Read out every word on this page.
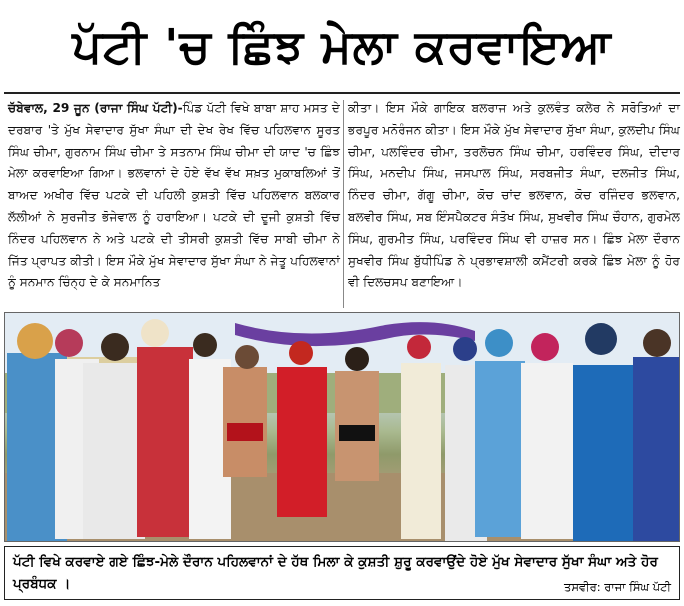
ਪੱਟੀ 'ਚ ਛਿੰਝ ਮੇਲਾ ਕਰਵਾਇਆ
ਚੱਬੇਵਾਲ, 29 ਜੂਨ (ਰਾਜਾ ਸਿੰਘ ਪੱਟੀ)-ਪਿੰਡ ਪੱਟੀ ਵਿਖੇ ਬਾਬਾ ਸ਼ਾਹ ਮਸਤ ਦੇ ਦਰਬਾਰ 'ਤੇ ਮੁੱਖ ਸੇਵਾਦਾਰ ਸੁੱਖਾ ਸੰਘਾ ਦੀ ਦੇਖ ਰੇਖ ਵਿੱਚ ਪਹਿਲਵਾਨ ਸੂਰਤ ਸਿੰਘ ਚੀਮਾ, ਗੁਰਨਾਮ ਸਿੰਘ ਚੀਮਾ ਤੇ ਸਤਨਾਮ ਸਿੰਘ ਚੀਮਾ ਦੀ ਯਾਦ 'ਚ ਛਿੰਝ ਮੇਲਾ ਕਰਵਾਇਆ ਗਿਆ। ਭਲਵਾਨਾਂ ਦੇ ਹੋਏ ਵੱਖ ਵੱਖ ਸਖ਼ਤ ਮੁਕਾਬਲਿਆਂ ਤੋਂ ਬਾਅਦ ਅਖੀਰ ਵਿੱਚ ਪਟਕੇ ਦੀ ਪਹਿਲੀ ਕੁਸ਼ਤੀ ਵਿੱਚ ਪਹਿਲਵਾਨ ਬਲਕਾਰ ਲੱਲੀਆਂ ਨੇ ਸੁਰਜੀਤ ਭੋਜੇਵਾਲ ਨੂੰ ਹਰਾਇਆ। ਪਟਕੇ ਦੀ ਦੂਜੀ ਕੁਸ਼ਤੀ ਵਿੱਚ ਨਿੰਦਰ ਪਹਿਲਵਾਨ ਨੇ ਅਤੇ ਪਟਕੇ ਦੀ ਤੀਸਰੀ ਕੁਸ਼ਤੀ ਵਿੱਚ ਸਾਬੀ ਚੀਮਾ ਨੇ ਜਿੱਤ ਪ੍ਰਾਪਤ ਕੀਤੀ। ਇਸ ਮੌਕੇ ਮੁੱਖ ਸੇਵਾਦਾਰ ਸੁੱਖਾ ਸੰਘਾ ਨੇ ਜੇਤੂ ਪਹਿਲਵਾਨਾਂ ਨੂੰ ਸਨਮਾਨ ਚਿੰਨ੍ਹ ਦੇ ਕੇ ਸਨਮਾਨਿਤ
ਕੀਤਾ। ਇਸ ਮੌਕੇ ਗਾਇਕ ਬਲਰਾਜ ਅਤੇ ਕੁਲਵੰਤ ਕਲੇਰ ਨੇ ਸਰੋਤਿਆਂ ਦਾ ਭਰਪੂਰ ਮਨੋਰੰਜਨ ਕੀਤਾ। ਇਸ ਮੌਕੇ ਮੁੱਖ ਸੇਵਾਦਾਰ ਸੁੱਖਾ ਸੰਘਾ, ਕੁਲਦੀਪ ਸਿੰਘ ਚੀਮਾ, ਪਲਵਿੰਦਰ ਚੀਮਾ, ਤਰਲੋਚਨ ਸਿੰਘ ਚੀਮਾ, ਹਰਵਿੰਦਰ ਸਿੰਘ, ਦੀਦਾਰ ਸਿੰਘ, ਮਨਦੀਪ ਸਿੰਘ, ਜਸਪਾਲ ਸਿੰਘ, ਸਰਬਜੀਤ ਸੰਘਾ, ਦਲਜੀਤ ਸਿੰਘ, ਨਿੰਦਰ ਚੀਮਾ, ਗੱਗੂ ਚੀਮਾ, ਕੋਚ ਚਾਂਦ ਭਲਵਾਨ, ਕੋਚ ਰਜਿੰਦਰ ਭਲਵਾਨ, ਬਲਵੀਰ ਸਿੰਘ, ਸਬ ਇੰਸਪੈਕਟਰ ਸੰਤੋਖ ਸਿੰਘ, ਸੁਖਵੀਰ ਸਿੰਘ ਚੌਹਾਨ, ਗੁਰਮੇਲ ਸਿੰਘ, ਗੁਰਮੀਤ ਸਿੰਘ, ਪਰਵਿੰਦਰ ਸਿੰਘ ਵੀ ਹਾਜ਼ਰ ਸਨ। ਛਿੰਝ ਮੇਲਾ ਦੌਰਾਨ ਸੁਖਵੀਰ ਸਿੰਘ ਬੁੱਧੀਪਿੰਡ ਨੇ ਪ੍ਰਭਾਵਸ਼ਾਲੀ ਕਮੈਂਟਰੀ ਕਰਕੇ ਛਿੰਝ ਮੇਲਾ ਨੂੰ ਹੋਰ ਵੀ ਦਿਲਚਸਪ ਬਣਾਇਆ।
ਪੱਟੀ ਵਿਖੇ ਕਰਵਾਏ ਗਏ ਛਿੰਝ-ਮੇਲੇ ਦੌਰਾਨ ਪਹਿਲਵਾਨਾਂ ਦੇ ਹੱਥ ਮਿਲਾ ਕੇ ਕੁਸ਼ਤੀ ਸ਼ੁਰੂ ਕਰਵਾਉਂਦੇ ਹੋਏ ਮੁੱਖ ਸੇਵਾਦਾਰ ਸੁੱਖਾ ਸੰਘਾ ਅਤੇ ਹੋਰ ਪ੍ਰਬੰਧਕ ।	ਤਸਵੀਰ: ਰਾਜਾ ਸਿੰਘ ਪੱਟੀ
